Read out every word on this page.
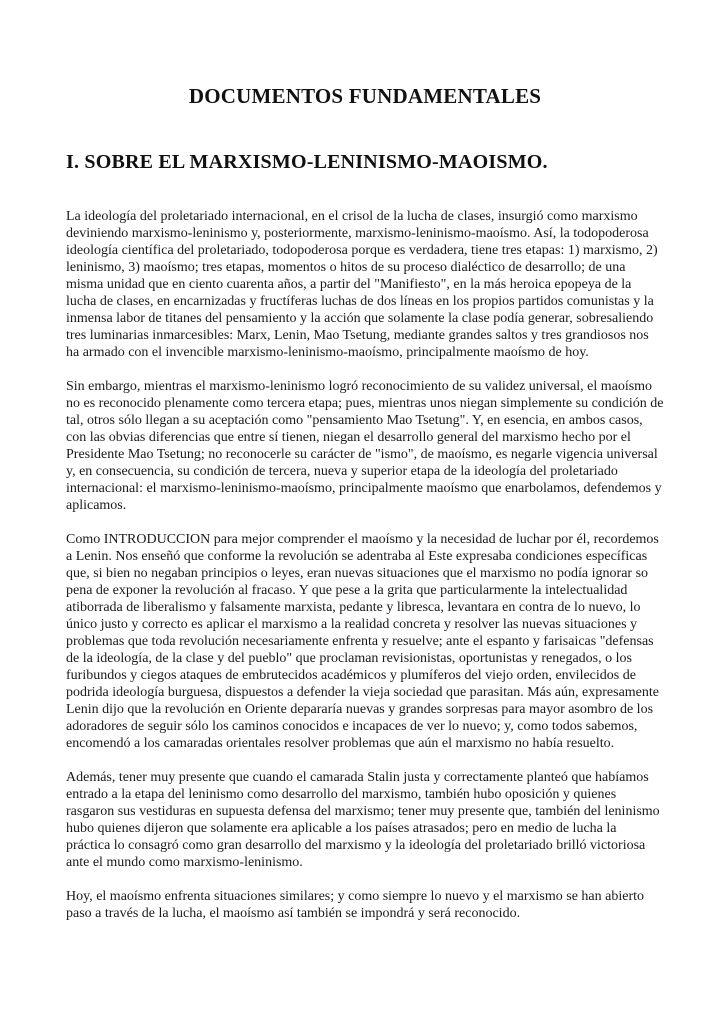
DOCUMENTOS FUNDAMENTALES
I. SOBRE EL MARXISMO-LENINISMO-MAOISMO.

La ideología del proletariado internacional, en el crisol de la lucha de clases, insurgió como marxismo deviniendo marxismo-leninismo y, posteriormente, marxismo-leninismo-maoísmo. Así, la todopoderosa ideología científica del proletariado, todopoderosa porque es verdadera, tiene tres etapas: 1) marxismo, 2) leninismo, 3) maoísmo; tres etapas, momentos o hitos de su proceso dialéctico de desarrollo; de una misma unidad que en ciento cuarenta años, a partir del "Manifiesto", en la más heroica epopeya de la lucha de clases, en encarnizadas y fructíferas luchas de dos líneas en los propios partidos comunistas y la inmensa labor de titanes del pensamiento y la acción que solamente la clase podía generar, sobresaliendo tres luminarias inmarcesibles: Marx, Lenin, Mao Tsetung, mediante grandes saltos y tres grandiosos nos ha armado con el invencible marxismo-leninismo-maoísmo, principalmente maoísmo de hoy.

Sin embargo, mientras el marxismo-leninismo logró reconocimiento de su validez universal, el maoísmo no es reconocido plenamente como tercera etapa; pues, mientras unos niegan simplemente su condición de tal, otros sólo llegan a su aceptación como "pensamiento Mao Tsetung". Y, en esencia, en ambos casos, con las obvias diferencias que entre sí tienen, niegan el desarrollo general del marxismo hecho por el Presidente Mao Tsetung; no reconocerle su carácter de "ismo", de maoísmo, es negarle vigencia universal y, en consecuencia, su condición de tercera, nueva y superior etapa de la ideología del proletariado internacional: el marxismo-leninismo-maoísmo, principalmente maoísmo que enarbolamos, defendemos y aplicamos.

Como INTRODUCCION para mejor comprender el maoísmo y la necesidad de luchar por él, recordemos a Lenin. Nos enseñó que conforme la revolución se adentraba al Este expresaba condiciones específicas que, si bien no negaban principios o leyes, eran nuevas situaciones que el marxismo no podía ignorar so pena de exponer la revolución al fracaso. Y que pese a la grita que particularmente la intelectualidad atiborrada de liberalismo y falsamente marxista, pedante y libresca, levantara en contra de lo nuevo, lo único justo y correcto es aplicar el marxismo a la realidad concreta y resolver las nuevas situaciones y problemas que toda revolución necesariamente enfrenta y resuelve; ante el espanto y farisaicas "defensas de la ideología, de la clase y del pueblo" que proclaman revisionistas, oportunistas y renegados, o los furibundos y ciegos ataques de embrutecidos académicos y plumíferos del viejo orden, envilecidos de podrida ideología burguesa, dispuestos a defender la vieja sociedad que parasitan. Más aún, expresamente Lenin dijo que la revolución en Oriente depararía nuevas y grandes sorpresas para mayor asombro de los adoradores de seguir sólo los caminos conocidos e incapaces de ver lo nuevo; y, como todos sabemos, encomendó a los camaradas orientales resolver problemas que aún el marxismo no había resuelto.

Además, tener muy presente que cuando el camarada Stalin justa y correctamente planteó que habíamos entrado a la etapa del leninismo como desarrollo del marxismo, también hubo oposición y quienes rasgaron sus vestiduras en supuesta defensa del marxismo; tener muy presente que, también del leninismo hubo quienes dijeron que solamente era aplicable a los países atrasados; pero en medio de lucha la práctica lo consagró como gran desarrollo del marxismo y la ideología del proletariado brilló victoriosa ante el mundo como marxismo-leninismo.

Hoy, el maoísmo enfrenta situaciones similares; y como siempre lo nuevo y el marxismo se han abierto paso a través de la lucha, el maoísmo así también se impondrá y será reconocido.
